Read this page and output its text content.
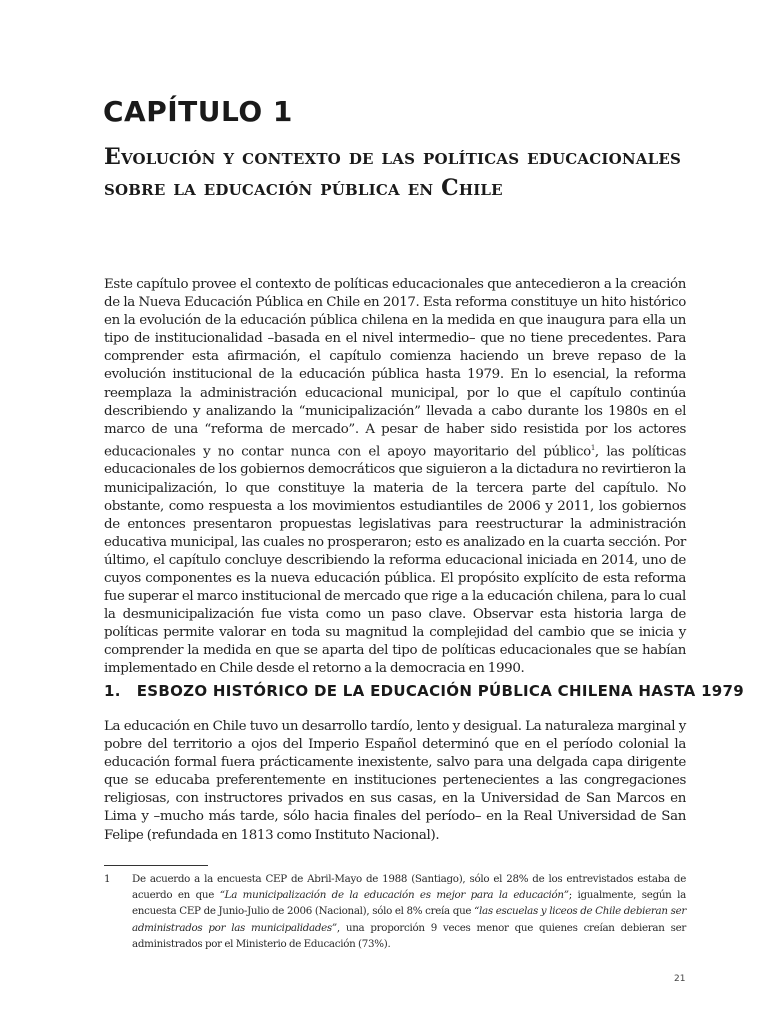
CAPÍTULO 1
Evolución y contexto de las políticas educacionales sobre la educación pública en Chile

Este capítulo provee el contexto de políticas educacionales que antecedieron a la creación de la Nueva Educación Pública en Chile en 2017. Esta reforma constituye un hito histórico en la evolución de la educación pública chilena en la medida en que inaugura para ella un tipo de institucionalidad –basada en el nivel intermedio– que no tiene precedentes. Para comprender esta afirmación, el capítulo comienza haciendo un breve repaso de la evolución institucional de la educación pública hasta 1979. En lo esencial, la reforma reemplaza la administración educacional municipal, por lo que el capítulo continúa describiendo y analizando la “municipalización” llevada a cabo durante los 1980s en el marco de una “reforma de mercado”. A pesar de haber sido resistida por los actores educacionales y no contar nunca con el apoyo mayoritario del público$^1$, las políticas educacionales de los gobiernos democráticos que siguieron a la dictadura no revirtieron la municipalización, lo que constituye la materia de la tercera parte del capítulo. No obstante, como respuesta a los movimientos estudiantiles de 2006 y 2011, los gobiernos de entonces presentaron propuestas legislativas para reestructurar la administración educativa municipal, las cuales no prosperaron; esto es analizado en la cuarta sección. Por último, el capítulo concluye describiendo la reforma educacional iniciada en 2014, uno de cuyos componentes es la nueva educación pública. El propósito explícito de esta reforma fue superar el marco institucional de mercado que rige a la educación chilena, para lo cual la desmunicipalización fue vista como un paso clave. Observar esta historia larga de políticas permite valorar en toda su magnitud la complejidad del cambio que se inicia y comprender la medida en que se aparta del tipo de políticas educacionales que se habían implementado en Chile desde el retorno a la democracia en 1990.

1. ESBOZO HISTÓRICO DE LA EDUCACIÓN PÚBLICA CHILENA HASTA 1979

La educación en Chile tuvo un desarrollo tardío, lento y desigual. La naturaleza marginal y pobre del territorio a ojos del Imperio Español determinó que en el período colonial la educación formal fuera prácticamente inexistente, salvo para una delgada capa dirigente que se educaba preferentemente en instituciones pertenecientes a las congregaciones religiosas, con instructores privados en sus casas, en la Universidad de San Marcos en Lima y –mucho más tarde, sólo hacia finales del período– en la Real Universidad de San Felipe (refundada en 1813 como Instituto Nacional).

1 De acuerdo a la encuesta CEP de Abril-Mayo de 1988 (Santiago), sólo el 28% de los entrevistados estaba de acuerdo en que “La municipalización de la educación es mejor para la educación”; igualmente, según la encuesta CEP de Junio-Julio de 2006 (Nacional), sólo el 8% creía que “las escuelas y liceos de Chile debieran ser administrados por las municipalidades”, una proporción 9 veces menor que quienes creían debieran ser administrados por el Ministerio de Educación (73%).
21
